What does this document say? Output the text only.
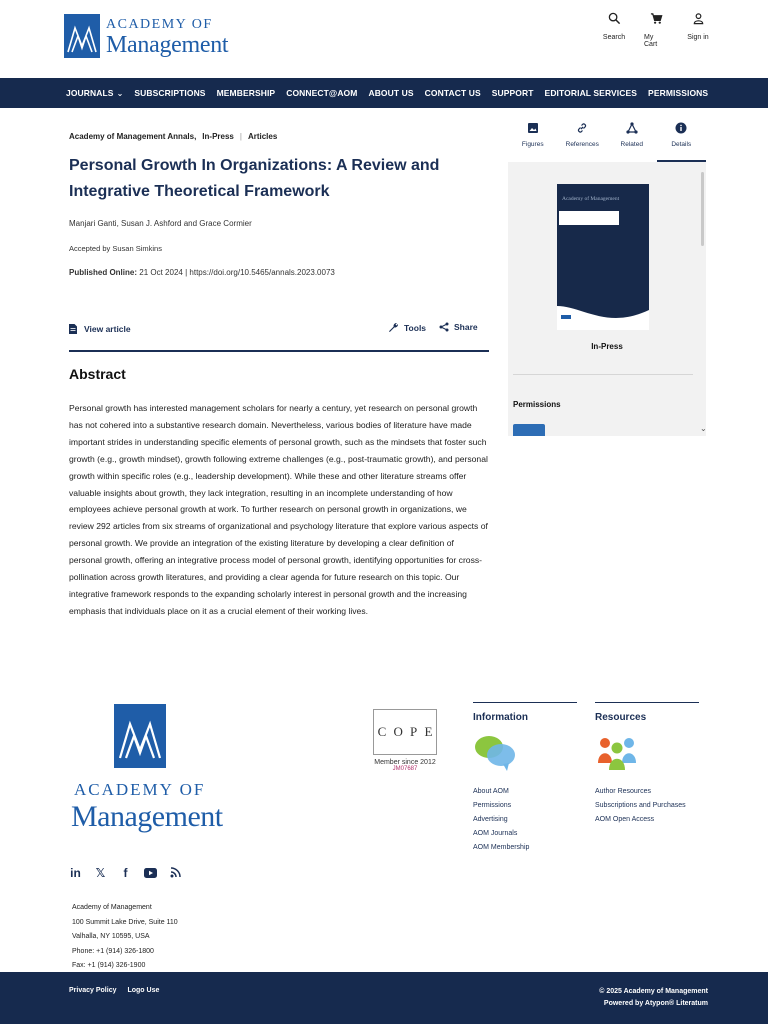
ACADEMY OF
Management	Search	My Cart
Sign in
JOURNALS ⌄ SUBSCRIPTIONS MEMBERSHIP CONNECT@AOM ABOUT US CONTACT US SUPPORT EDITORIAL SERVICES PERMISSIONS
Academy of Management Annals, In-Press | Articles
Personal Growth In Organizations: A Review and Integrative Theoretical Framework
Manjari Ganti, Susan J. Ashford and Grace Cormier
Accepted by Susan Simkins
Published Online: 21 Oct 2024 | https://doi.org/10.5465/annals.2023.0073
View article	Tools	Share
Abstract
Personal growth has interested management scholars for nearly a century, yet research on personal growth has not cohered into a substantive research domain. Nevertheless, various bodies of literature have made important strides in understanding specific elements of personal growth, such as the mindsets that foster such growth (e.g., growth mindset), growth following extreme challenges (e.g., post-traumatic growth), and personal growth within specific roles (e.g., leadership development). While these and other literature streams offer valuable insights about growth, they lack integration, resulting in an incomplete understanding of how employees achieve personal growth at work. To further research on personal growth in organizations, we review 292 articles from six streams of organizational and psychology literature that explore various aspects of personal growth. We provide an integration of the existing literature by developing a clear definition of personal growth, offering an integrative process model of personal growth, identifying opportunities for cross-pollination across growth literatures, and providing a clear agenda for future research on this topic. Our integrative framework responds to the expanding scholarly interest in personal growth and the increasing emphasis that individuals place on it as a crucial element of their working lives.
Figures	References	Related	Details
Academy of Management
Annals
In-Press
Permissions
⌄
ACADEMY OF
Management
C O P E
Member since 2012
JM07687
Information
About AOM
Permissions
Advertising
AOM Journals
AOM Membership
Resources
Author Resources
Subscriptions and Purchases
AOM Open Access
in 𝕏	f
Academy of Management
100 Summit Lake Drive, Suite 110
Valhalla, NY 10595, USA
Phone: +1 (914) 326-1800
Fax: +1 (914) 326-1900
Privacy Policy Logo Use	© 2025 Academy of Management
Powered by Atypon® Literatum
